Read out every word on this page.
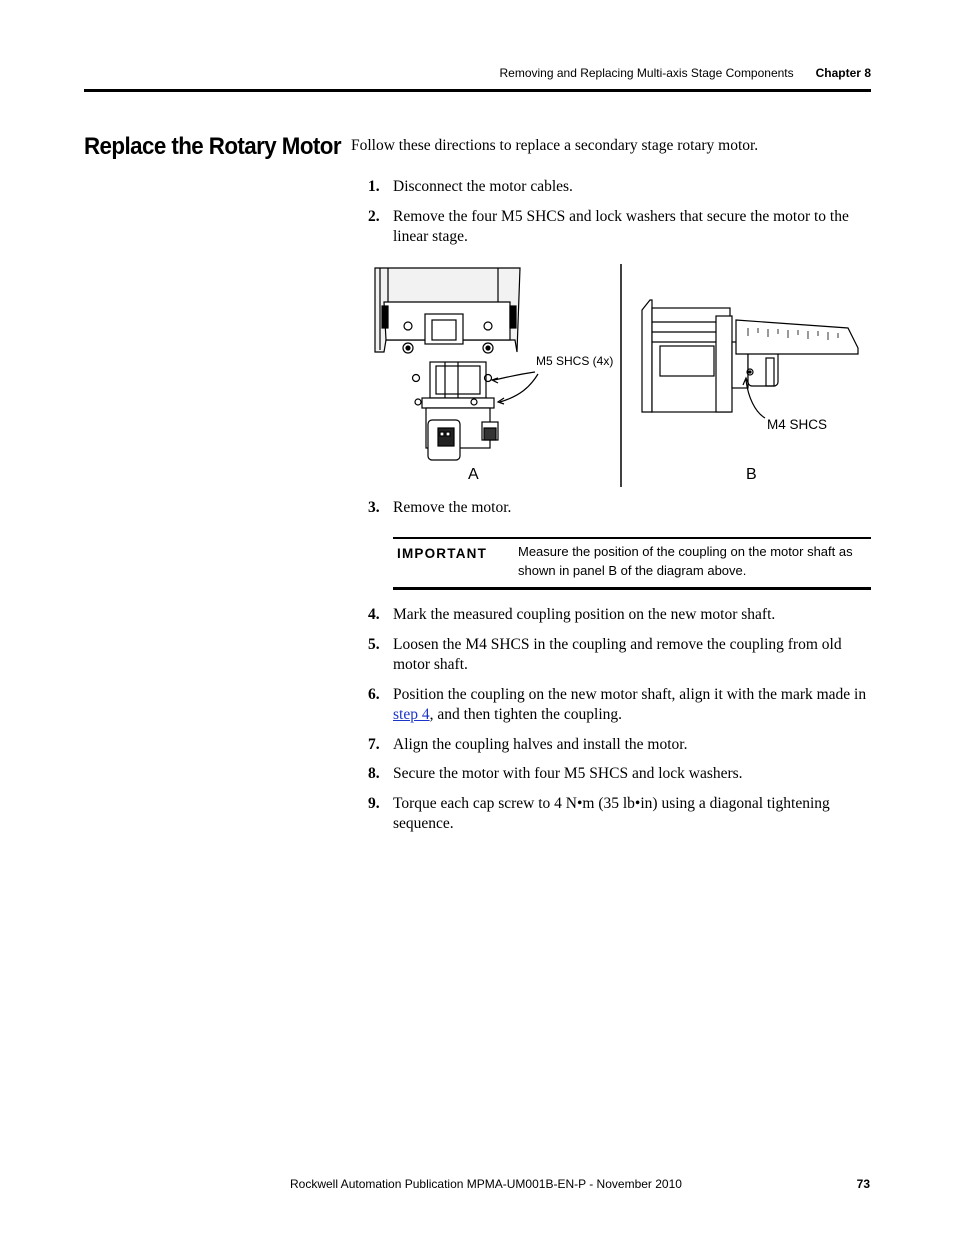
Removing and Replacing Multi-axis Stage Components Chapter 8
Replace the Rotary Motor Follow these directions to replace a secondary stage rotary motor.
1. Disconnect the motor cables.
2. Remove the four M5 SHCS and lock washers that secure the motor to the linear stage.
M5 SHCS (4x)
M4 SHCS
A	B
3. Remove the motor.
IMPORTANT Measure the position of the coupling on the motor shaft as shown in panel B of the diagram above.
4. Mark the measured coupling position on the new motor shaft.
5. Loosen the M4 SHCS in the coupling and remove the coupling from old motor shaft.
6. Position the coupling on the new motor shaft, align it with the mark made in step 4, and then tighten the coupling.
7. Align the coupling halves and install the motor.
8. Secure the motor with four M5 SHCS and lock washers.
9. Torque each cap screw to 4 N•m (35 lb•in) using a diagonal tightening sequence.
Rockwell Automation Publication MPMA-UM001B-EN-P - November 2010	73
